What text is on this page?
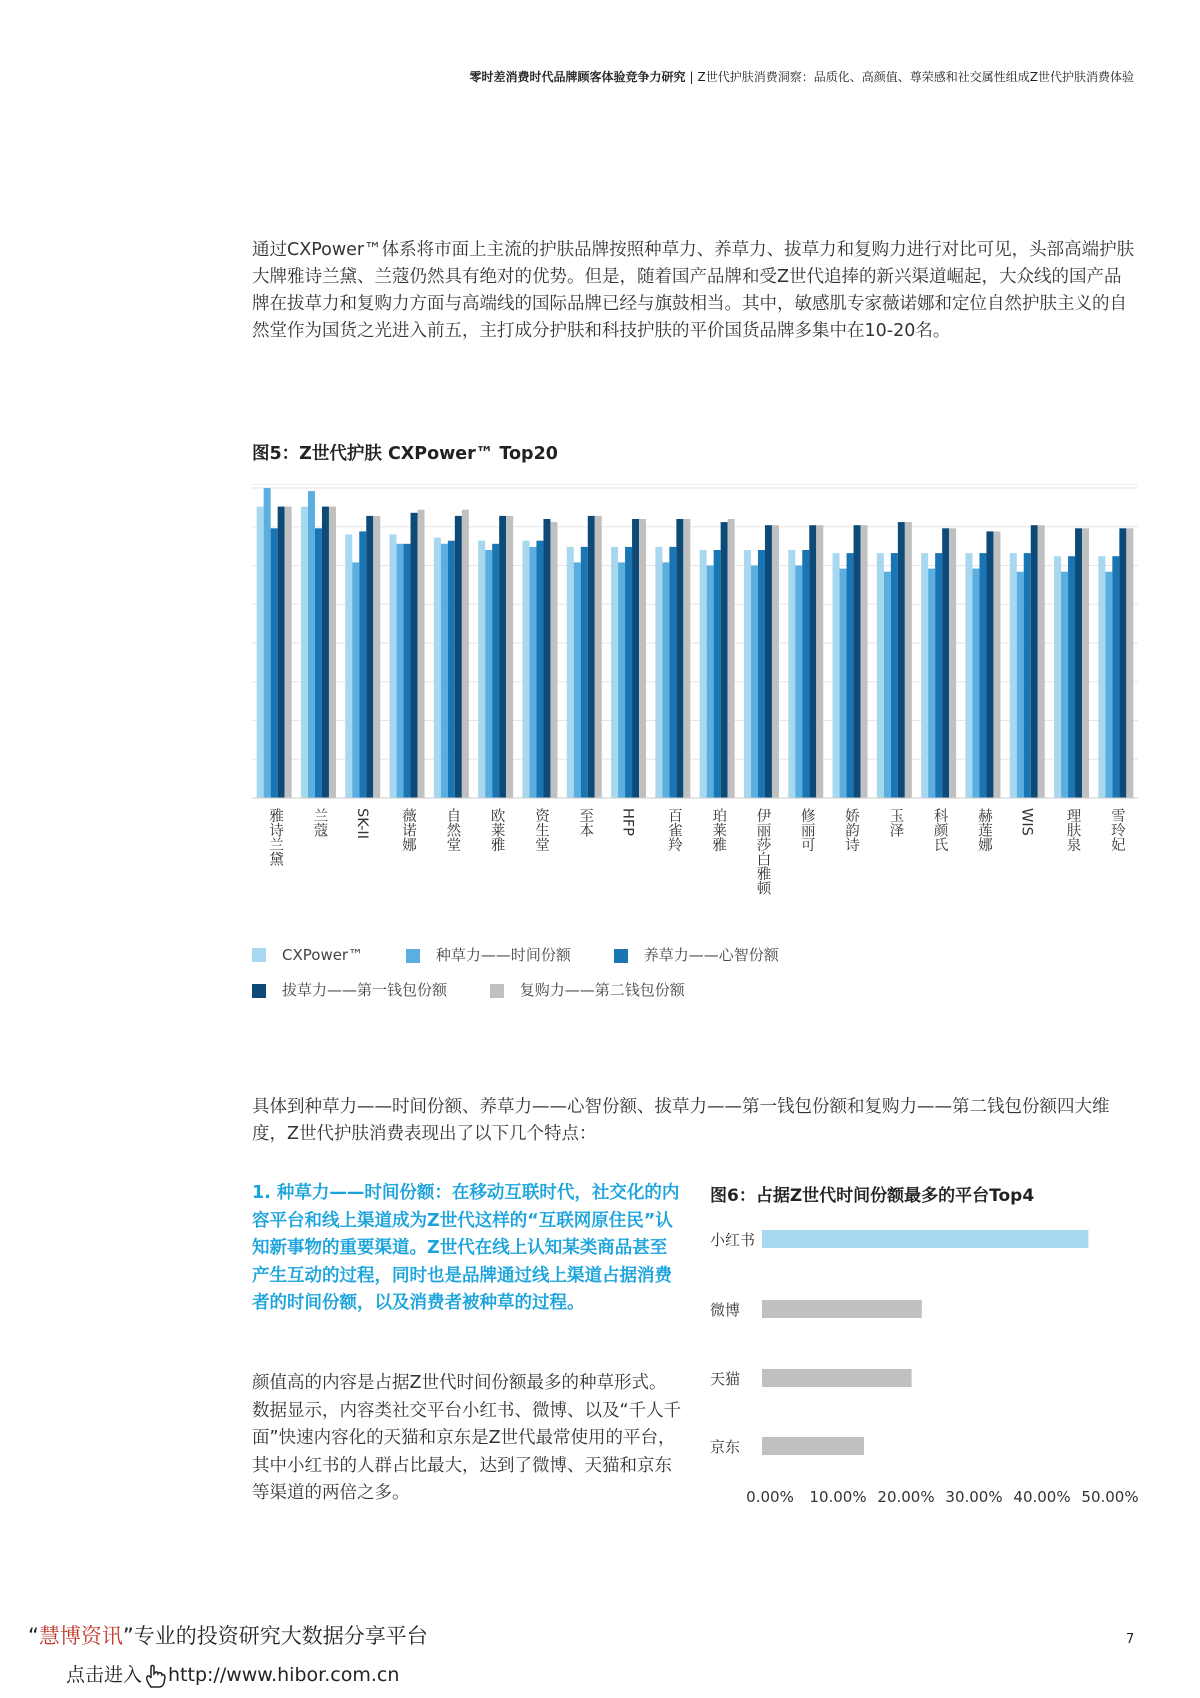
零时差消费时代品牌顾客体验竞争力研究 | Z世代护肤消费洞察：品质化、高颜值、尊荣感和社交属性组成Z世代护肤消费体验
通过CXPower™体系将市面上主流的护肤品牌按照种草力、养草力、拔草力和复购力进行对比可见，头部高端护肤大牌雅诗兰黛、兰蔻仍然具有绝对的优势。但是，随着国产品牌和受Z世代追捧的新兴渠道崛起，大众线的国产品牌在拔草力和复购力方面与高端线的国际品牌已经与旗鼓相当。其中，敏感肌专家薇诺娜和定位自然护肤主义的自然堂作为国货之光进入前五，主打成分护肤和科技护肤的平价国货品牌多集中在10-20名。
图5：Z世代护肤 CXPower™ Top20
雅诗兰黛 兰蔻 SK-II 薇诺娜 自然堂 欧莱雅 资生堂 至本 HFP 百雀羚 珀莱雅 伊丽莎白雅顿 修丽可 娇韵诗 玉泽 科颜氏 赫莲娜 WIS 理肤泉 雪玲妃
CXPower™	种草力——时间份额	养草力——心智份额
拔草力——第一钱包份额	复购力——第二钱包份额
具体到种草力——时间份额、养草力——心智份额、拔草力——第一钱包份额和复购力——第二钱包份额四大维度，Z世代护肤消费表现出了以下几个特点：
1. 种草力——时间份额：在移动互联时代，社交化的内容平台和线上渠道成为Z世代这样的“互联网原住民”认知新事物的重要渠道。Z世代在线上认知某类商品甚至产生互动的过程，同时也是品牌通过线上渠道占据消费者的时间份额，以及消费者被种草的过程。
颜值高的内容是占据Z世代时间份额最多的种草形式。数据显示，内容类社交平台小红书、微博、以及“千人千面”快速内容化的天猫和京东是Z世代最常使用的平台，其中小红书的人群占比最大，达到了微博、天猫和京东等渠道的两倍之多。
图6：占据Z世代时间份额最多的平台Top4
小红书
微博
天猫
京东
0.00% 10.00% 20.00% 30.00% 40.00% 50.00%
“慧博资讯”专业的投资研究大数据分享平台
点击进入 http://www.hibor.com.cn
7
